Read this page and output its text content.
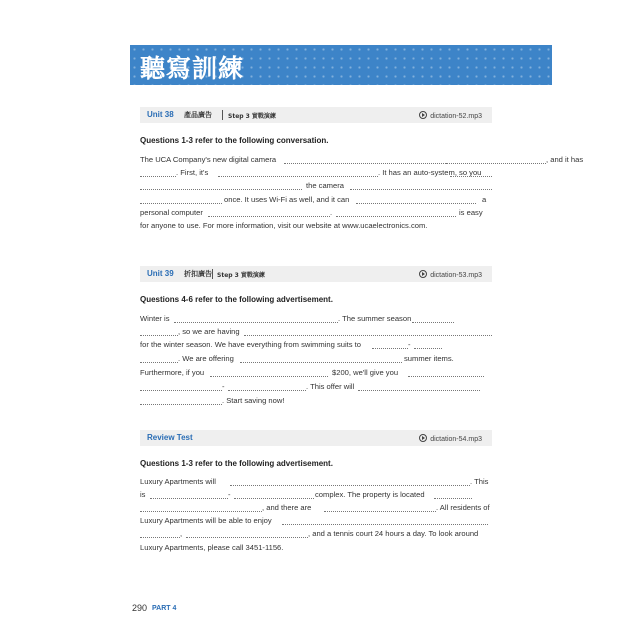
聽寫訓練
Unit 38 產品廣告	Step 3 實戰演練	dictation-52.mp3
Questions 1-3 refer to the following conversation.
The UCA Company's new digital camera	, and it has
. First, it's	. It has an auto-system, so you
the camera
once. It uses Wi-Fi as well, and it can	a
personal computer	.	is easy
for anyone to use. For more information, visit our website at www.ucaelectronics.com.
Unit 39 折扣廣告 Step 3 實戰演練	dictation-53.mp3
Questions 4-6 refer to the following advertisement.
Winter is	. The summer season
, so we are having
for the winter season. We have everything from swimming suits to	-
. We are offering	summer items.
Furthermore, if you	$200, we'll give you
-	. This offer will
. Start saving now!
Review Test	dictation-54.mp3
Questions 1-3 refer to the following advertisement.
Luxury Apartments will	. This
is	-	complex. The property is located
, and there are	. All residents of
Luxury Apartments will be able to enjoy
,	, and a tennis court 24 hours a day. To look around
Luxury Apartments, please call 3451-1156.
290 PART 4
